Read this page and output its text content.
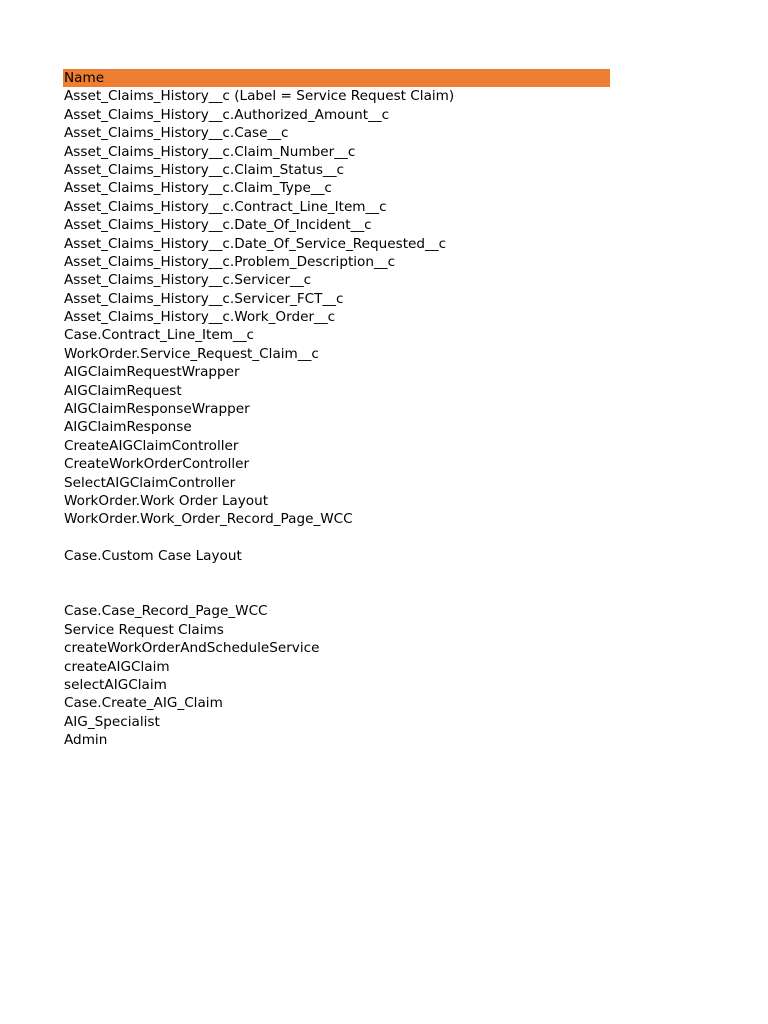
Name
Asset_Claims_History__c (Label = Service Request Claim)
Asset_Claims_History__c.Authorized_Amount__c
Asset_Claims_History__c.Case__c
Asset_Claims_History__c.Claim_Number__c
Asset_Claims_History__c.Claim_Status__c
Asset_Claims_History__c.Claim_Type__c
Asset_Claims_History__c.Contract_Line_Item__c
Asset_Claims_History__c.Date_Of_Incident__c
Asset_Claims_History__c.Date_Of_Service_Requested__c
Asset_Claims_History__c.Problem_Description__c
Asset_Claims_History__c.Servicer__c
Asset_Claims_History__c.Servicer_FCT__c
Asset_Claims_History__c.Work_Order__c
Case.Contract_Line_Item__c
WorkOrder.Service_Request_Claim__c
AIGClaimRequestWrapper
AIGClaimRequest
AIGClaimResponseWrapper
AIGClaimResponse
CreateAIGClaimController
CreateWorkOrderController
SelectAIGClaimController
WorkOrder.Work Order Layout
WorkOrder.Work_Order_Record_Page_WCC
Case.Custom Case Layout
Case.Case_Record_Page_WCC
Service Request Claims
createWorkOrderAndScheduleService
createAIGClaim
selectAIGClaim
Case.Create_AIG_Claim
AIG_Specialist
Admin
